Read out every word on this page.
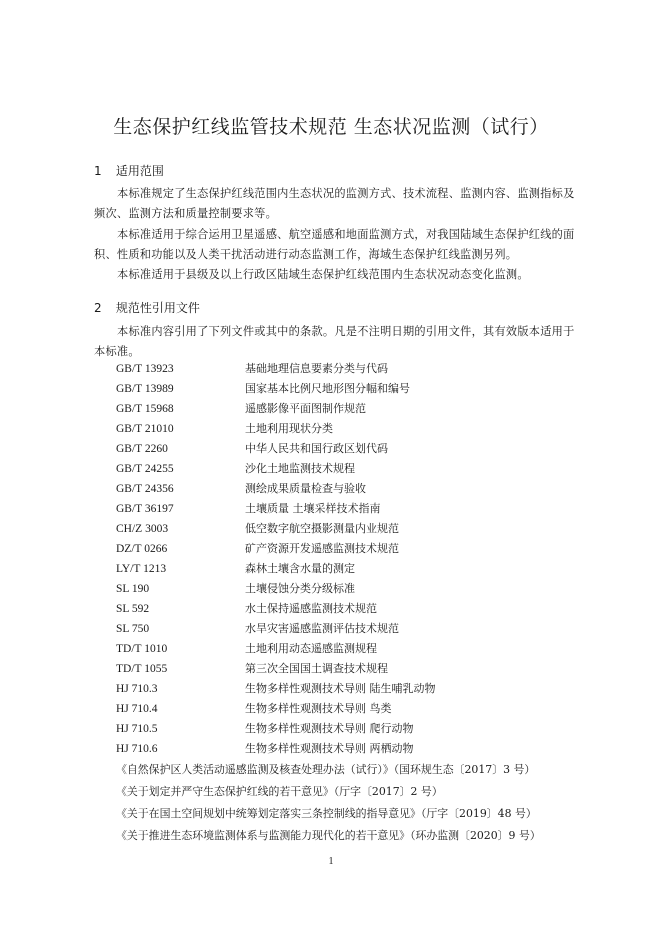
生态保护红线监管技术规范 生态状况监测（试行）
1 适用范围
本标准规定了生态保护红线范围内生态状况的监测方式、技术流程、监测内容、监测指标及频次、监测方法和质量控制要求等。
本标准适用于综合运用卫星遥感、航空遥感和地面监测方式，对我国陆域生态保护红线的面积、性质和功能以及人类干扰活动进行动态监测工作，海域生态保护红线监测另列。
本标准适用于县级及以上行政区陆域生态保护红线范围内生态状况动态变化监测。
2 规范性引用文件
本标准内容引用了下列文件或其中的条款。凡是不注明日期的引用文件，其有效版本适用于本标准。
GB/T 13923	基础地理信息要素分类与代码
GB/T 13989	国家基本比例尺地形图分幅和编号
GB/T 15968	遥感影像平面图制作规范
GB/T 21010	土地利用现状分类
GB/T 2260	中华人民共和国行政区划代码
GB/T 24255	沙化土地监测技术规程
GB/T 24356	测绘成果质量检查与验收
GB/T 36197	土壤质量 土壤采样技术指南
CH/Z 3003	低空数字航空摄影测量内业规范
DZ/T 0266	矿产资源开发遥感监测技术规范
LY/T 1213	森林土壤含水量的测定
SL 190	土壤侵蚀分类分级标准
SL 592	水土保持遥感监测技术规范
SL 750	水旱灾害遥感监测评估技术规范
TD/T 1010	土地利用动态遥感监测规程
TD/T 1055	第三次全国国土调查技术规程
HJ 710.3	生物多样性观测技术导则 陆生哺乳动物
HJ 710.4	生物多样性观测技术导则 鸟类
HJ 710.5	生物多样性观测技术导则 爬行动物
HJ 710.6	生物多样性观测技术导则 两栖动物
《自然保护区人类活动遥感监测及核查处理办法（试行）》（国环规生态〔2017〕3 号）
《关于划定并严守生态保护红线的若干意见》（厅字〔2017〕2 号）
《关于在国土空间规划中统筹划定落实三条控制线的指导意见》（厅字〔2019〕48 号）
《关于推进生态环境监测体系与监测能力现代化的若干意见》（环办监测〔2020〕9 号）
1
